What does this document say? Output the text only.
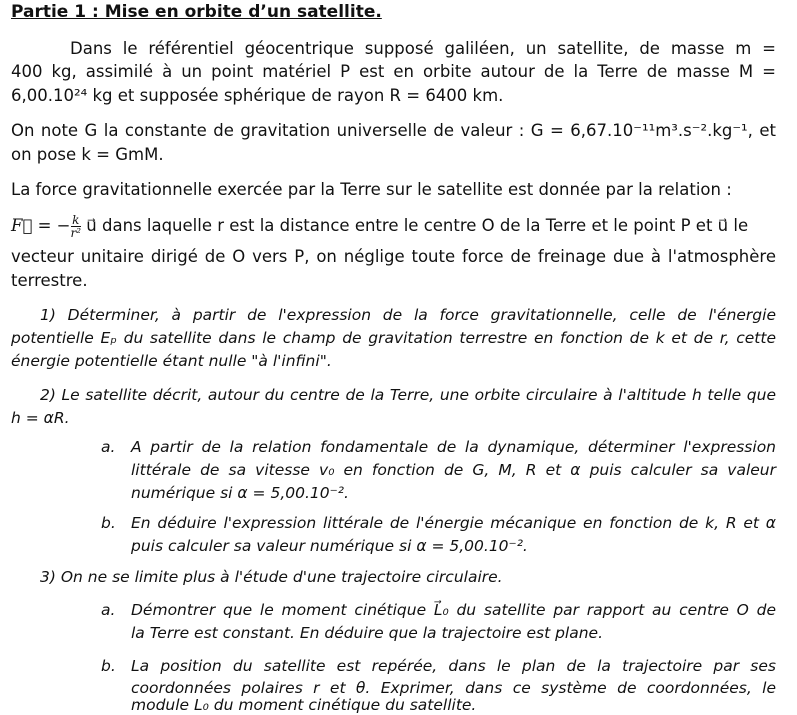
Partie 1 : Mise en orbite d’un satellite.
Dans le référentiel géocentrique supposé galiléen, un satellite, de masse m =
400 kg, assimilé à un point matériel P est en orbite autour de la Terre de masse M =
6,00.10²⁴ kg et supposée sphérique de rayon R = 6400 km.
On note G la constante de gravitation universelle de valeur : G = 6,67.10⁻¹¹m³.s⁻².kg⁻¹, et
on pose k = GmM.
La force gravitationnelle exercée par la Terre sur le satellite est donnée par la relation :
F⃗ = − $\frac{k}{\text{r²}}$ u⃗ dans laquelle r est la distance entre le centre O de la Terre et le point P et u⃗ le
vecteur unitaire dirigé de O vers P, on néglige toute force de freinage due à l'atmosphère
terrestre.
1) Déterminer, à partir de l'expression de la force gravitationnelle, celle de l'énergie
potentielle Eₚ du satellite dans le champ de gravitation terrestre en fonction de k et de r, cette
énergie potentielle étant nulle "à l'infini".
2) Le satellite décrit, autour du centre de la Terre, une orbite circulaire à l'altitude h telle que
h = αR.
a. A partir de la relation fondamentale de la dynamique, déterminer l'expression
littérale de sa vitesse v₀ en fonction de G, M, R et α puis calculer sa valeur
numérique si α = 5,00.10⁻².
b. En déduire l'expression littérale de l'énergie mécanique en fonction de k, R et α
puis calculer sa valeur numérique si α = 5,00.10⁻².
3) On ne se limite plus à l'étude d'une trajectoire circulaire.
a. Démontrer que le moment cinétique L⃗₀ du satellite par rapport au centre O de
la Terre est constant. En déduire que la trajectoire est plane.
b. La position du satellite est repérée, dans le plan de la trajectoire par ses
coordonnées polaires r et θ. Exprimer, dans ce système de coordonnées, le
module L₀ du moment cinétique du satellite.
